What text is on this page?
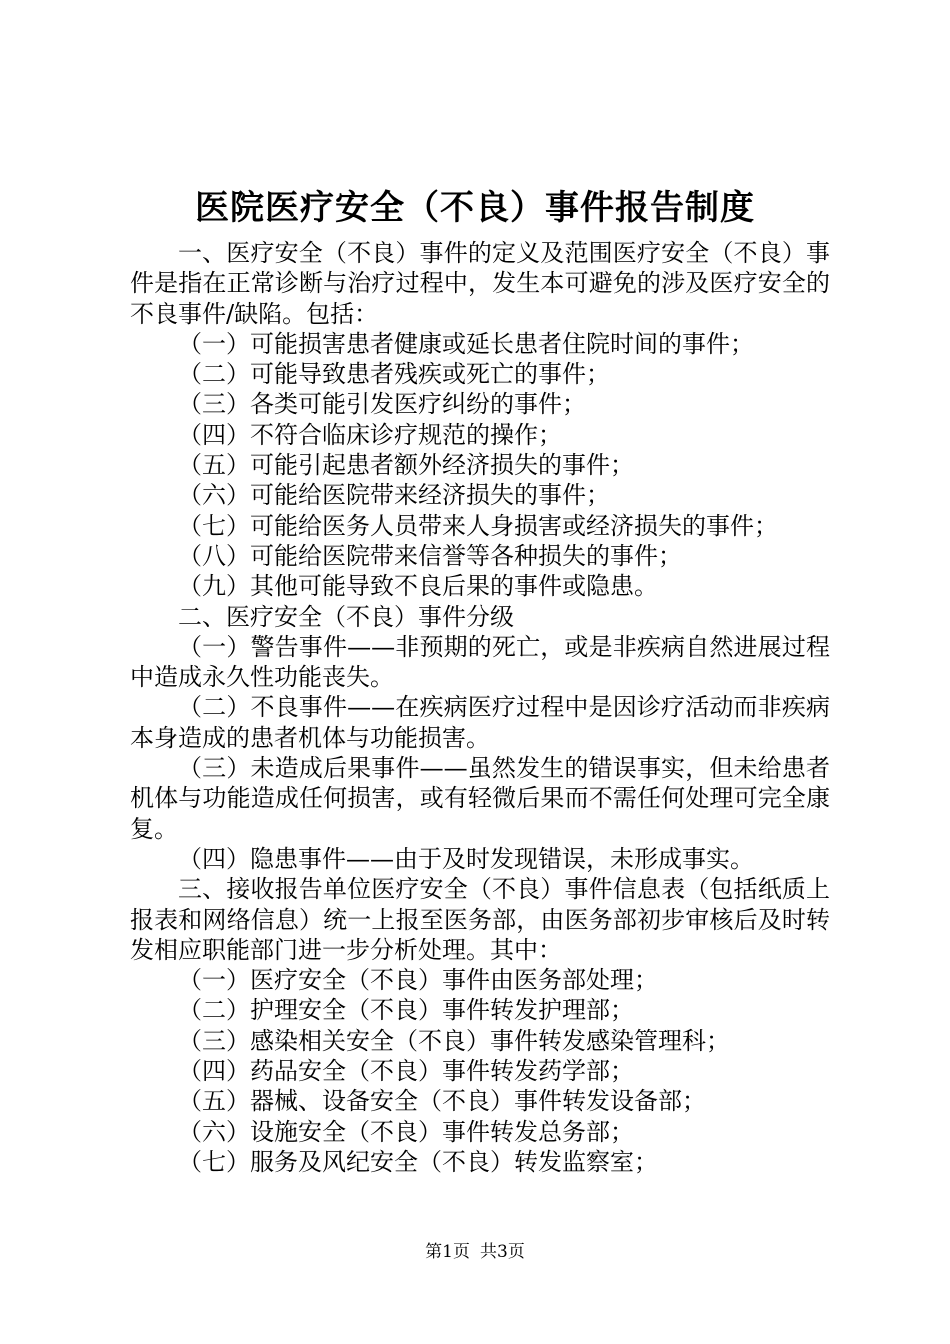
医院医疗安全（不良）事件报告制度

一、医疗安全（不良）事件的定义及范围医疗安全（不良）事件是指在正常诊断与治疗过程中，发生本可避免的涉及医疗安全的不良事件/缺陷。包括：

（一）可能损害患者健康或延长患者住院时间的事件；

（二）可能导致患者残疾或死亡的事件；

（三）各类可能引发医疗纠纷的事件；

（四）不符合临床诊疗规范的操作；

（五）可能引起患者额外经济损失的事件；

（六）可能给医院带来经济损失的事件；

（七）可能给医务人员带来人身损害或经济损失的事件；

（八）可能给医院带来信誉等各种损失的事件；

（九）其他可能导致不良后果的事件或隐患。

二、医疗安全（不良）事件分级

（一）警告事件——非预期的死亡，或是非疾病自然进展过程中造成永久性功能丧失。

（二）不良事件——在疾病医疗过程中是因诊疗活动而非疾病本身造成的患者机体与功能损害。

（三）未造成后果事件——虽然发生的错误事实，但未给患者机体与功能造成任何损害，或有轻微后果而不需任何处理可完全康复。

（四）隐患事件——由于及时发现错误，未形成事实。

三、接收报告单位医疗安全（不良）事件信息表（包括纸质上报表和网络信息）统一上报至医务部，由医务部初步审核后及时转发相应职能部门进一步分析处理。其中：

（一）医疗安全（不良）事件由医务部处理；

（二）护理安全（不良）事件转发护理部；

（三）感染相关安全（不良）事件转发感染管理科；

（四）药品安全（不良）事件转发药学部；

（五）器械、设备安全（不良）事件转发设备部；

（六）设施安全（不良）事件转发总务部；

（七）服务及风纪安全（不良）转发监察室；

第1页 共3页
